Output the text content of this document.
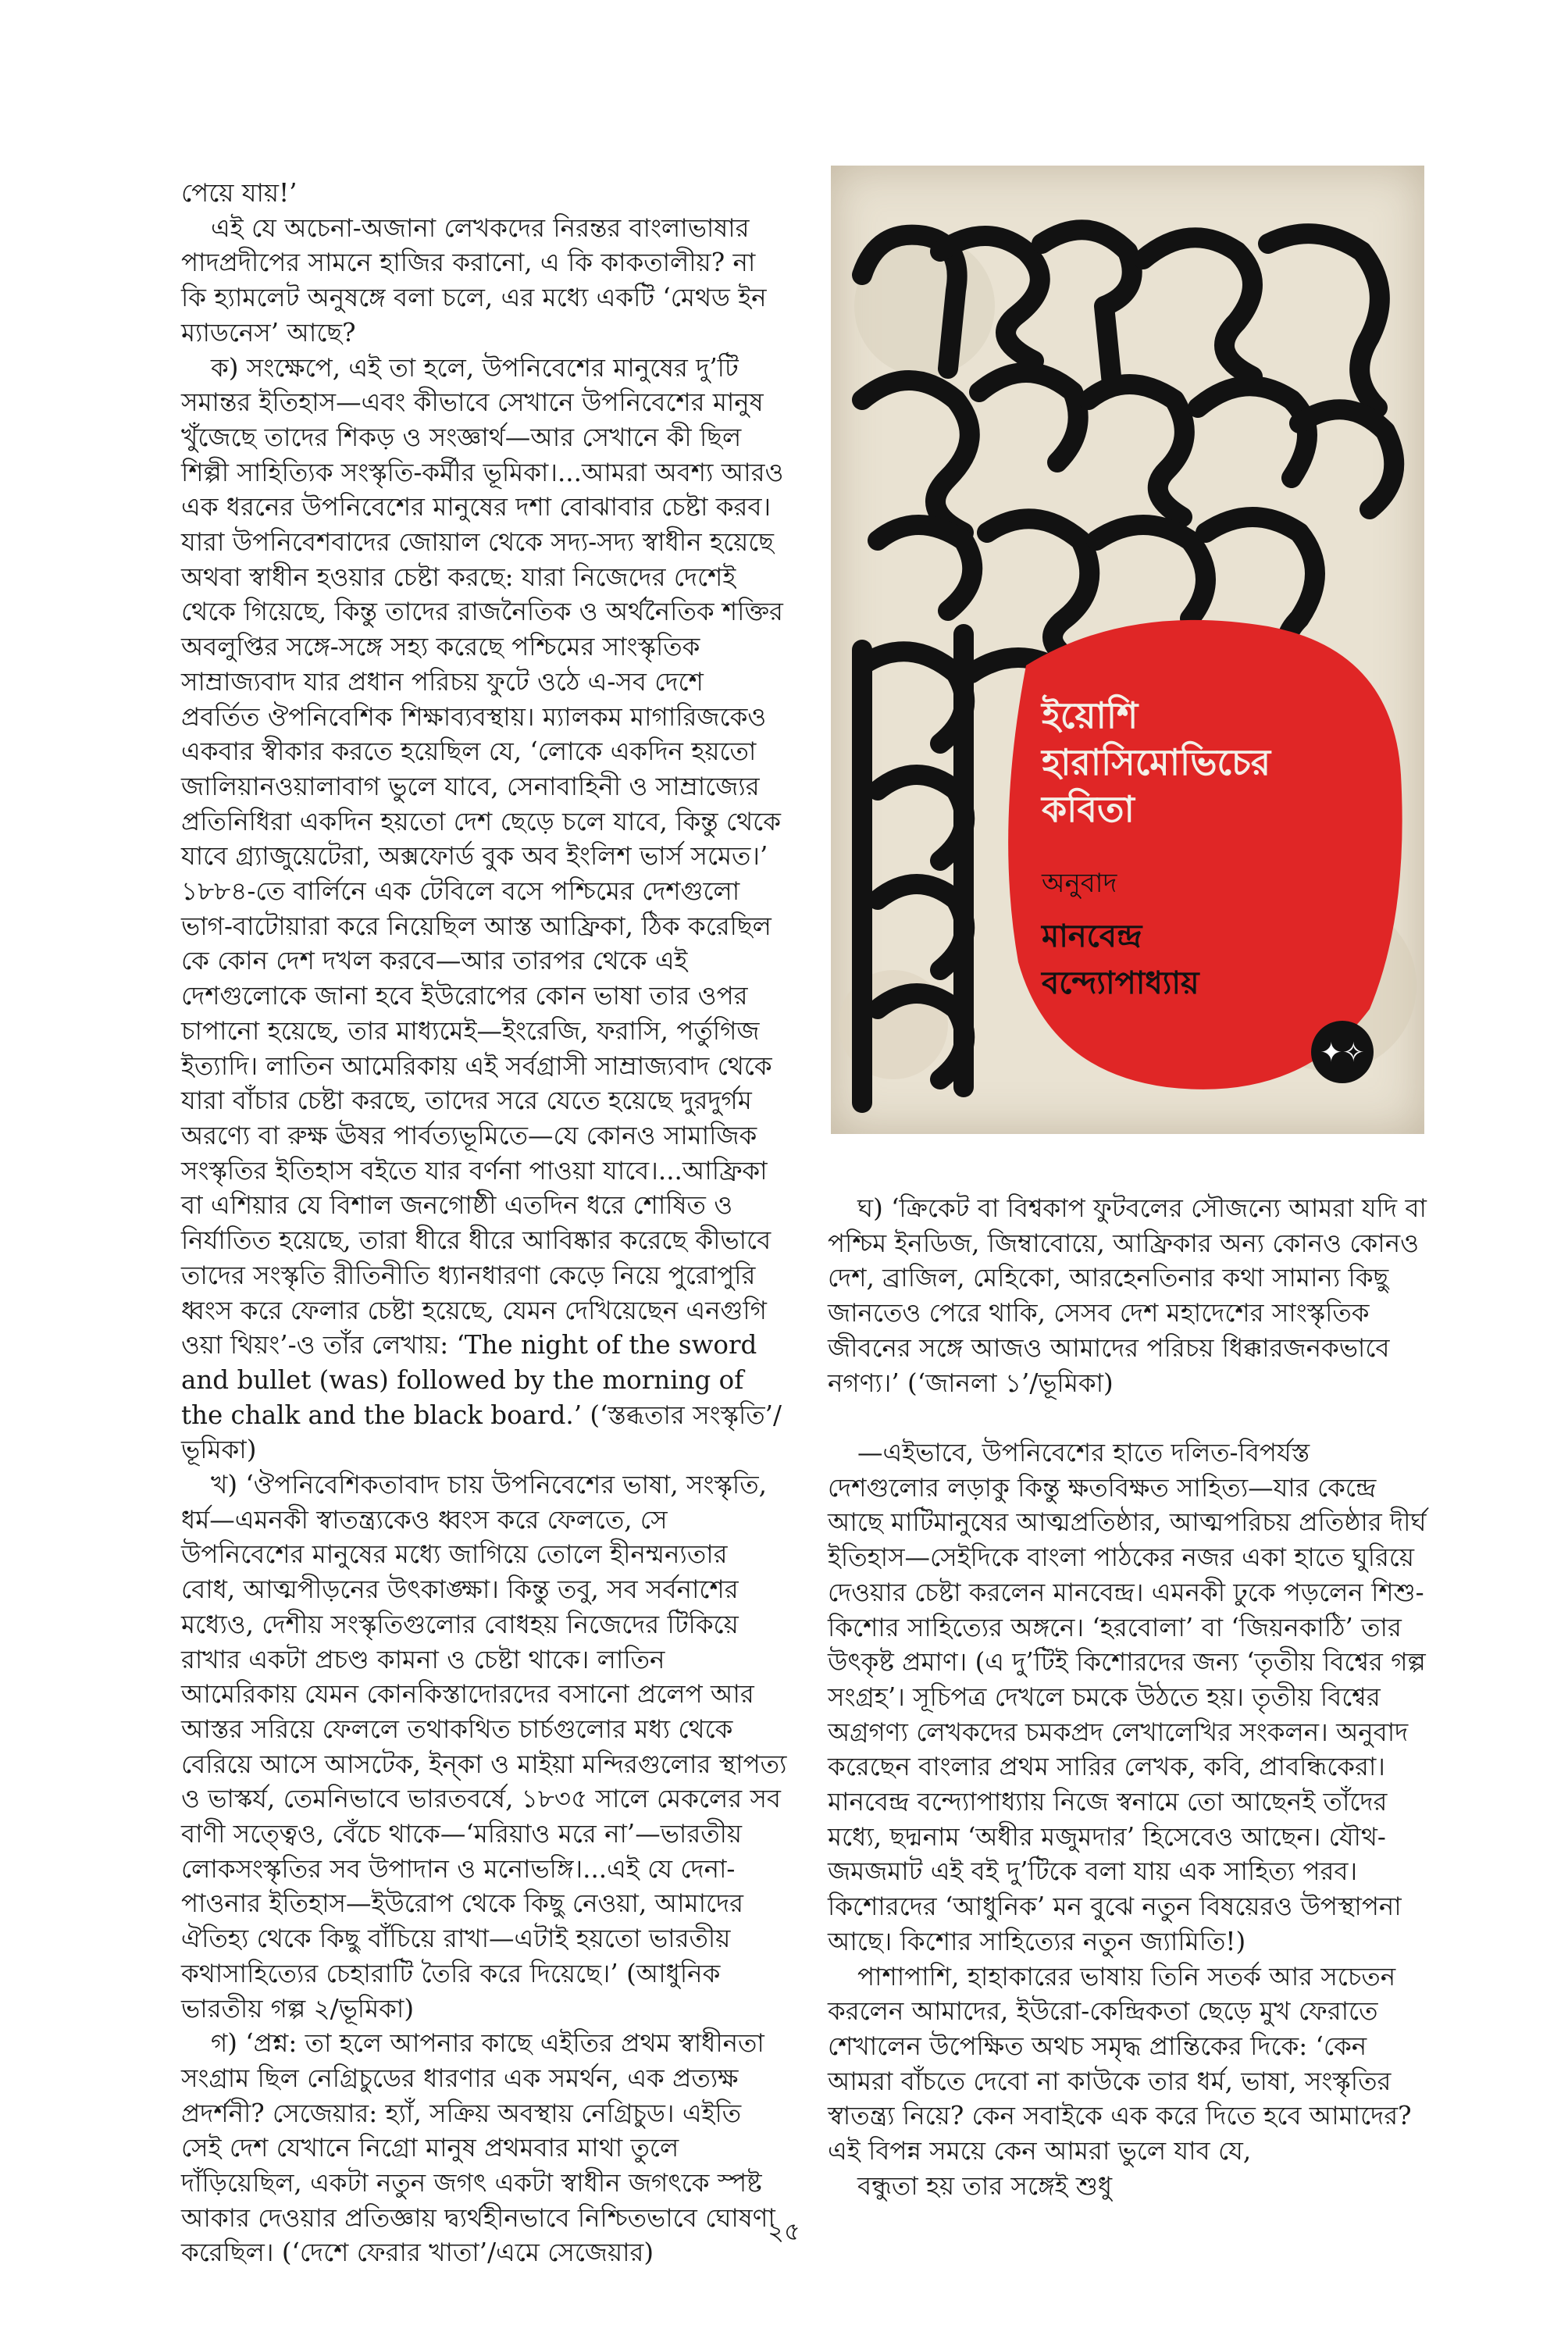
পেয়ে যায়!’

এই যে অচেনা-অজানা লেখকদের নিরন্তর বাংলাভাষার পাদপ্রদীপের সামনে হাজির করানো, এ কি কাকতালীয়? না কি হ্যামলেট অনুষঙ্গে বলা চলে, এর মধ্যে একটি ‘মেথড ইন ম্যাডনেস’ আছে?

ক) সংক্ষেপে, এই তা হলে, উপনিবেশের মানুষের দু’টি সমান্তর ইতিহাস—এবং কীভাবে সেখানে উপনিবেশের মানুষ খুঁজেছে তাদের শিকড় ও সংজ্ঞার্থ—আর সেখানে কী ছিল শিল্পী সাহিত্যিক সংস্কৃতি-কর্মীর ভূমিকা।...আমরা অবশ্য আরও এক ধরনের উপনিবেশের মানুষের দশা বোঝাবার চেষ্টা করব। যারা উপনিবেশবাদের জোয়াল থেকে সদ্য-সদ্য স্বাধীন হয়েছে অথবা স্বাধীন হওয়ার চেষ্টা করছে: যারা নিজেদের দেশেই থেকে গিয়েছে, কিন্তু তাদের রাজনৈতিক ও অর্থনৈতিক শক্তির অবলুপ্তির সঙ্গে-সঙ্গে সহ্য করেছে পশ্চিমের সাংস্কৃতিক সাম্রাজ্যবাদ যার প্রধান পরিচয় ফুটে ওঠে এ-সব দেশে প্রবর্তিত ঔপনিবেশিক শিক্ষাব্যবস্থায়। ম্যালকম মাগারিজকেও একবার স্বীকার করতে হয়েছিল যে, ‘লোকে একদিন হয়তো জালিয়ানওয়ালাবাগ ভুলে যাবে, সেনাবাহিনী ও সাম্রাজ্যের প্রতিনিধিরা একদিন হয়তো দেশ ছেড়ে চলে যাবে, কিন্তু থেকে যাবে গ্র্যাজুয়েটেরা, অক্সফোর্ড বুক অব ইংলিশ ভার্স সমেত।’ ১৮৮৪-তে বার্লিনে এক টেবিলে বসে পশ্চিমের দেশগুলো ভাগ-বাটোয়ারা করে নিয়েছিল আস্ত আফ্রিকা, ঠিক করেছিল কে কোন দেশ দখল করবে—আর তারপর থেকে এই দেশগুলোকে জানা হবে ইউরোপের কোন ভাষা তার ওপর চাপানো হয়েছে, তার মাধ্যমেই—ইংরেজি, ফরাসি, পর্তুগিজ ইত্যাদি। লাতিন আমেরিকায় এই সর্বগ্রাসী সাম্রাজ্যবাদ থেকে যারা বাঁচার চেষ্টা করছে, তাদের সরে যেতে হয়েছে দুরদুর্গম অরণ্যে বা রুক্ষ ঊষর পার্বত্যভূমিতে—যে কোনও সামাজিক সংস্কৃতির ইতিহাস বইতে যার বর্ণনা পাওয়া যাবে।...আফ্রিকা বা এশিয়ার যে বিশাল জনগোষ্ঠী এতদিন ধরে শোষিত ও নির্যাতিত হয়েছে, তারা ধীরে ধীরে আবিষ্কার করেছে কীভাবে তাদের সংস্কৃতি রীতিনীতি ধ্যানধারণা কেড়ে নিয়ে পুরোপুরি ধ্বংস করে ফেলার চেষ্টা হয়েছে, যেমন দেখিয়েছেন এনগুগি ওয়া থিয়ং’-ও তাঁর লেখায়: ‘The night of the sword and bullet (was) followed by the morning of the chalk and the black board.’ (‘স্তব্ধতার সংস্কৃতি’/ভূমিকা)

খ) ‘ঔপনিবেশিকতাবাদ চায় উপনিবেশের ভাষা, সংস্কৃতি, ধর্ম—এমনকী স্বাতন্ত্র্যকেও ধ্বংস করে ফেলতে, সে উপনিবেশের মানুষের মধ্যে জাগিয়ে তোলে হীনম্মন্যতার বোধ, আত্মপীড়নের উৎকাঙ্ক্ষা। কিন্তু তবু, সব সর্বনাশের মধ্যেও, দেশীয় সংস্কৃতিগুলোর বোধহয় নিজেদের টিকিয়ে রাখার একটা প্রচণ্ড কামনা ও চেষ্টা থাকে। লাতিন আমেরিকায় যেমন কোনকিস্তাদোরদের বসানো প্রলেপ আর আস্তর সরিয়ে ফেললে তথাকথিত চার্চগুলোর মধ্য থেকে বেরিয়ে আসে আসটেক, ইন্কা ও মাইয়া মন্দিরগুলোর স্থাপত্য ও ভাস্কর্য, তেমনিভাবে ভারতবর্ষে, ১৮৩৫ সালে মেকলের সব বাণী সত্ত্বেও, বেঁচে থাকে—‘মরিয়াও মরে না’—ভারতীয় লোকসংস্কৃতির সব উপাদান ও মনোভঙ্গি।...এই যে দেনা-পাওনার ইতিহাস—ইউরোপ থেকে কিছু নেওয়া, আমাদের ঐতিহ্য থেকে কিছু বাঁচিয়ে রাখা—এটাই হয়তো ভারতীয় কথাসাহিত্যের চেহারাটি তৈরি করে দিয়েছে।’ (আধুনিক ভারতীয় গল্প ২/ভূমিকা)

গ) ‘প্রশ্ন: তা হলে আপনার কাছে এইতির প্রথম স্বাধীনতা সংগ্রাম ছিল নেগ্রিচুডের ধারণার এক সমর্থন, এক প্রত্যক্ষ প্রদর্শনী? সেজেয়ার: হ্যাঁ, সক্রিয় অবস্থায় নেগ্রিচুড। এইতি সেই দেশ যেখানে নিগ্রো মানুষ প্রথমবার মাথা তুলে দাঁড়িয়েছিল, একটা নতুন জগৎ একটা স্বাধীন জগৎকে স্পষ্ট আকার দেওয়ার প্রতিজ্ঞায় দ্ব্যর্থহীনভাবে নিশ্চিতভাবে ঘোষণা করেছিল। (‘দেশে ফেরার খাতা’/এমে সেজেয়ার)

✦✧
ইয়োশি
হারাসিমোভিচের
কবিতা
অনুবাদ
মানবেন্দ্র
বন্দ্যোপাধ্যায়

ঘ) ‘ক্রিকেট বা বিশ্বকাপ ফুটবলের সৌজন্যে আমরা যদি বা পশ্চিম ইনডিজ, জিম্বাবোয়ে, আফ্রিকার অন্য কোনও কোনও দেশ, ব্রাজিল, মেহিকো, আরহেনতিনার কথা সামান্য কিছু জানতেও পেরে থাকি, সেসব দেশ মহাদেশের সাংস্কৃতিক জীবনের সঙ্গে আজও আমাদের পরিচয় ধিক্কারজনকভাবে নগণ্য।’ (‘জানলা ১’/ভূমিকা)

—এইভাবে, উপনিবেশের হাতে দলিত-বিপর্যস্ত দেশগুলোর লড়াকু কিন্তু ক্ষতবিক্ষত সাহিত্য—যার কেন্দ্রে আছে মাটিমানুষের আত্মপ্রতিষ্ঠার, আত্মপরিচয় প্রতিষ্ঠার দীর্ঘ ইতিহাস—সেইদিকে বাংলা পাঠকের নজর একা হাতে ঘুরিয়ে দেওয়ার চেষ্টা করলেন মানবেন্দ্র। এমনকী ঢুকে পড়লেন শিশু-কিশোর সাহিত্যের অঙ্গনে। ‘হরবোলা’ বা ‘জিয়নকাঠি’ তার উৎকৃষ্ট প্রমাণ। (এ দু’টিই কিশোরদের জন্য ‘তৃতীয় বিশ্বের গল্প সংগ্রহ’। সূচিপত্র দেখলে চমকে উঠতে হয়। তৃতীয় বিশ্বের অগ্রগণ্য লেখকদের চমকপ্রদ লেখালেখির সংকলন। অনুবাদ করেছেন বাংলার প্রথম সারির লেখক, কবি, প্রাবন্ধিকেরা। মানবেন্দ্র বন্দ্যোপাধ্যায় নিজে স্বনামে তো আছেনই তাঁদের মধ্যে, ছদ্মনাম ‘অধীর মজুমদার’ হিসেবেও আছেন। যৌথ-জমজমাট এই বই দু’টিকে বলা যায় এক সাহিত্য পরব। কিশোরদের ‘আধুনিক’ মন বুঝে নতুন বিষয়েরও উপস্থাপনা আছে। কিশোর সাহিত্যের নতুন জ্যামিতি!)

পাশাপাশি, হাহাকারের ভাষায় তিনি সতর্ক আর সচেতন করলেন আমাদের, ইউরো-কেন্দ্রিকতা ছেড়ে মুখ ফেরাতে শেখালেন উপেক্ষিত অথচ সমৃদ্ধ প্রান্তিকের দিকে: ‘কেন আমরা বাঁচতে দেবো না কাউকে তার ধর্ম, ভাষা, সংস্কৃতির স্বাতন্ত্র্য নিয়ে? কেন সবাইকে এক করে দিতে হবে আমাদের? এই বিপন্ন সময়ে কেন আমরা ভুলে যাব যে,

বন্ধুতা হয় তার সঙ্গেই শুধু

২৫
